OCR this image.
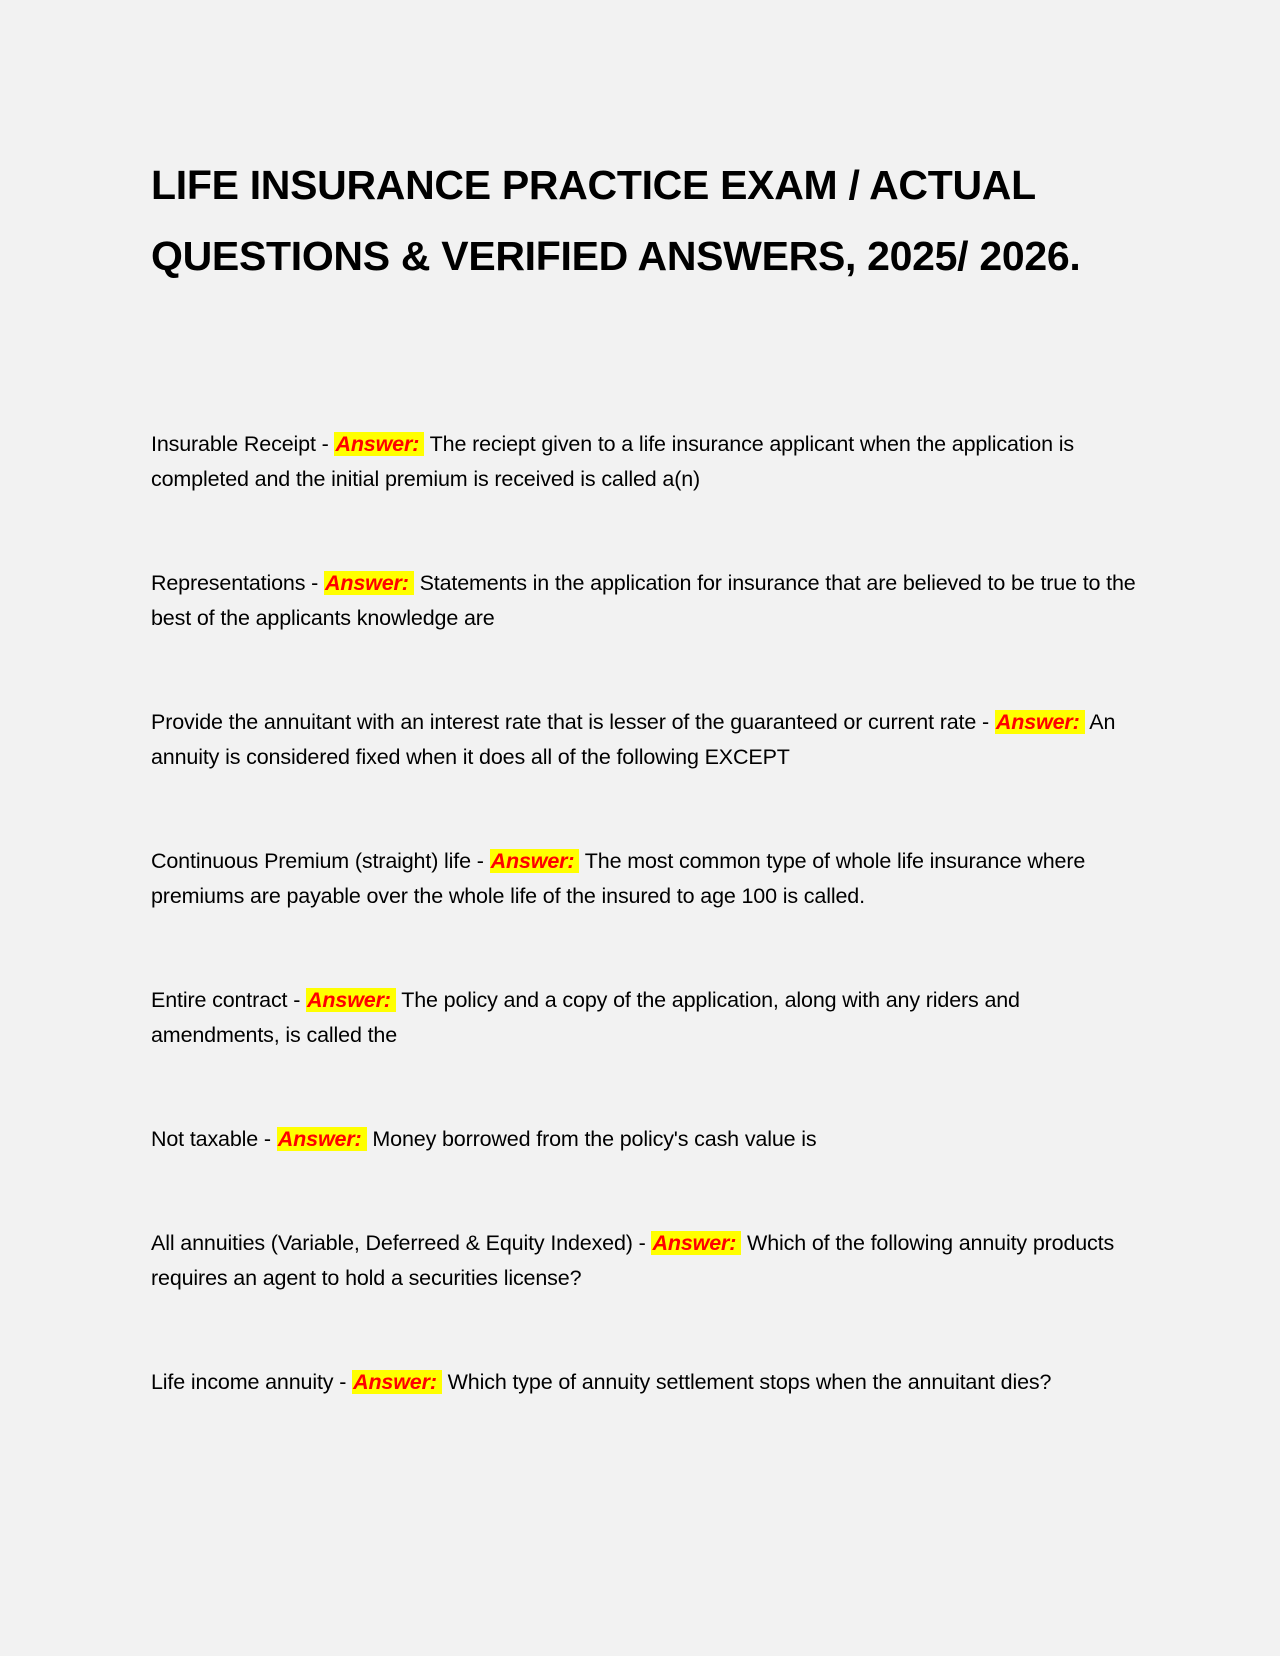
LIFE INSURANCE PRACTICE EXAM / ACTUAL QUESTIONS & VERIFIED ANSWERS, 2025/ 2026.

Insurable Receipt - Answer: The reciept given to a life insurance applicant when the application is completed and the initial premium is received is called a(n)

Representations - Answer: Statements in the application for insurance that are believed to be true to the best of the applicants knowledge are

Provide the annuitant with an interest rate that is lesser of the guaranteed or current rate - Answer: An annuity is considered fixed when it does all of the following EXCEPT

Continuous Premium (straight) life - Answer: The most common type of whole life insurance where premiums are payable over the whole life of the insured to age 100 is called.

Entire contract - Answer: The policy and a copy of the application, along with any riders and amendments, is called the

Not taxable - Answer: Money borrowed from the policy's cash value is

All annuities (Variable, Deferreed & Equity Indexed) - Answer: Which of the following annuity products requires an agent to hold a securities license?

Life income annuity - Answer: Which type of annuity settlement stops when the annuitant dies?
